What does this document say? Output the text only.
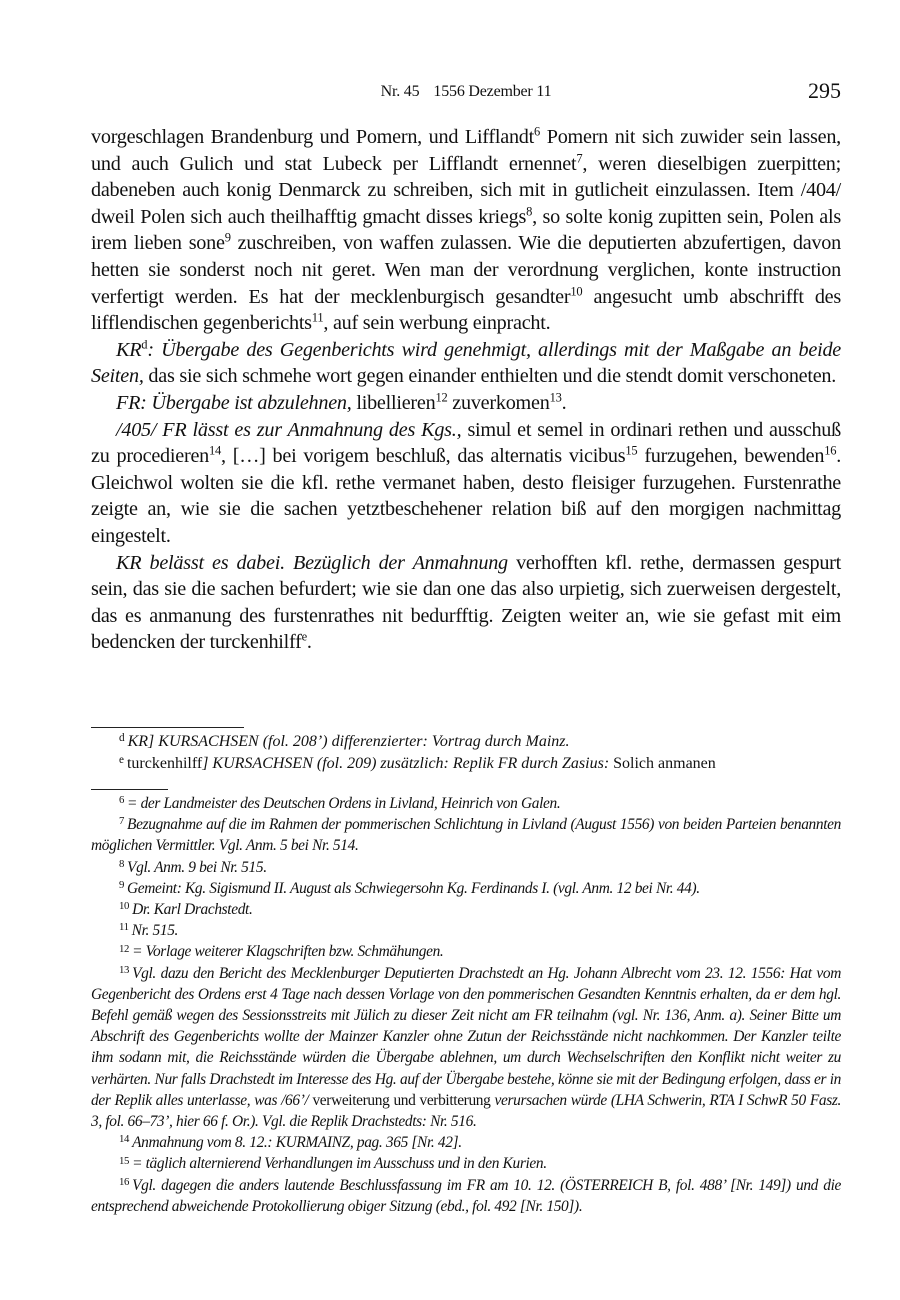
Nr. 45 1556 Dezember 11	295

vorgeschlagen Brandenburg und Pomern, und Lifflandt$^6$ Pomern nit sich zuwider sein lassen, und auch Gulich und stat Lubeck per Lifflandt ernennet$^7$, weren dieselbigen zuerpitten; dabeneben auch konig Denmarck zu schreiben, sich mit in gutlicheit einzulassen. Item /404/ dweil Polen sich auch theilhafftig gmacht disses kriegs$^8$, so solte konig zupitten sein, Polen als irem lieben sone$^9$ zuschreiben, von waffen zulassen. Wie die deputierten abzufertigen, davon hetten sie sonderst noch nit geret. Wen man der verordnung verglichen, konte instruction verfertigt werden. Es hat der mecklenburgisch gesandter$^{10}$ angesucht umb abschrifft des lifflendischen gegenberichts$^{11}$, auf sein werbung einpracht.

$KR^d$: Übergabe des Gegenberichts wird genehmigt, allerdings mit der Maßgabe an beide Seiten, das sie sich schmehe wort gegen einander enthielten und die stendt domit verschoneten.

FR: Übergabe ist abzulehnen, libellieren$^{12}$ zuverkomen$^{13}$.

/405/ FR lässt es zur Anmahnung des Kgs., simul et semel in ordinari rethen und ausschuß zu procedieren$^{14}$, […] bei vorigem beschluß, das alternatis vicibus$^{15}$ furzugehen, bewenden$^{16}$. Gleichwol wolten sie die kfl. rethe vermanet haben, desto fleisiger furzugehen. Furstenrathe zeigte an, wie sie die sachen yetztbeschehener relation biß auf den morgigen nachmittag eingestelt.

KR belässt es dabei. Bezüglich der Anmahnung verhofften kfl. rethe, dermassen gespurt sein, das sie die sachen befurdert; wie sie dan one das also urpietig, sich zuerweisen dergestelt, das es anmanung des furstenrathes nit bedurfftig. Zeigten weiter an, wie sie gefast mit eim bedencken der turckenhilff$^e$.

$^d$ KR] KURSACHSEN (fol. 208’) differenzierter: Vortrag durch Mainz.

$^e$ turckenhilff] KURSACHSEN (fol. 209) zusätzlich: Replik FR durch Zasius: Solich anmanen

$^6$ = der Landmeister des Deutschen Ordens in Livland, Heinrich von Galen.

$^7$ Bezugnahme auf die im Rahmen der pommerischen Schlichtung in Livland (August 1556) von beiden Parteien benannten möglichen Vermittler. Vgl. Anm. 5 bei Nr. 514.

$^8$ Vgl. Anm. 9 bei Nr. 515.

$^9$ Gemeint: Kg. Sigismund II. August als Schwiegersohn Kg. Ferdinands I. (vgl. Anm. 12 bei Nr. 44).

$^{10}$ Dr. Karl Drachstedt.

$^{11}$ Nr. 515.

$^{12}$ = Vorlage weiterer Klagschriften bzw. Schmähungen.

$^{13}$ Vgl. dazu den Bericht des Mecklenburger Deputierten Drachstedt an Hg. Johann Albrecht vom 23. 12. 1556: Hat vom Gegenbericht des Ordens erst 4 Tage nach dessen Vorlage von den pommerischen Gesandten Kenntnis erhalten, da er dem hgl. Befehl gemäß wegen des Sessionsstreits mit Jülich zu dieser Zeit nicht am FR teilnahm (vgl. Nr. 136, Anm. a). Seiner Bitte um Abschrift des Gegenberichts wollte der Mainzer Kanzler ohne Zutun der Reichsstände nicht nachkommen. Der Kanzler teilte ihm sodann mit, die Reichsstände würden die Übergabe ablehnen, um durch Wechselschriften den Konflikt nicht weiter zu verhärten. Nur falls Drachstedt im Interesse des Hg. auf der Übergabe bestehe, könne sie mit der Bedingung erfolgen, dass er in der Replik alles unterlasse, was /66’/ verweiterung und verbitterung verursachen würde (LHA Schwerin, RTA I SchwR 50 Fasz. 3, fol. 66–73’, hier 66 f. Or.). Vgl. die Replik Drachstedts: Nr. 516.

$^{14}$ Anmahnung vom 8. 12.: KURMAINZ, pag. 365 [Nr. 42].

$^{15}$ = täglich alternierend Verhandlungen im Ausschuss und in den Kurien.

$^{16}$ Vgl. dagegen die anders lautende Beschlussfassung im FR am 10. 12. (ÖSTERREICH B, fol. 488’ [Nr. 149]) und die entsprechend abweichende Protokollierung obiger Sitzung (ebd., fol. 492 [Nr. 150]).
